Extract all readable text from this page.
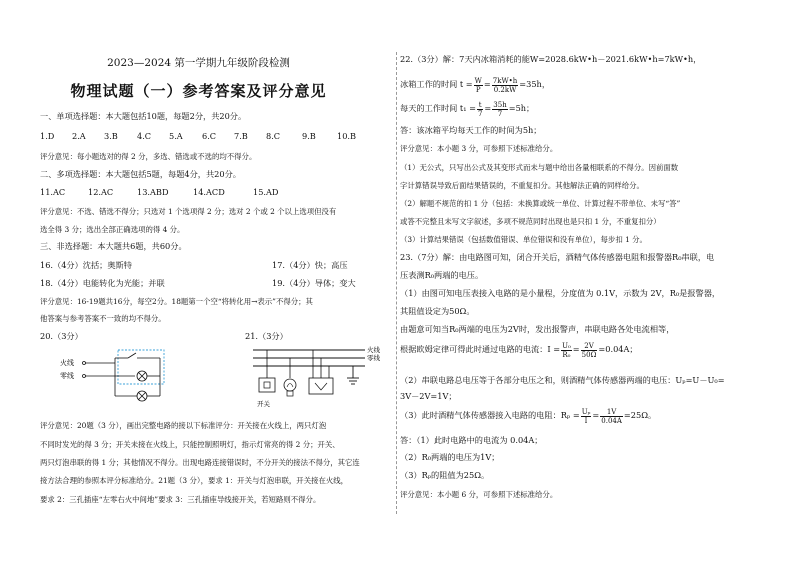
2023—2024 第一学期九年级阶段检测
物理试题（一）参考答案及评分意见
一、单项选择题：本大题包括10题，每题2分，共20分。
1.D 2.A 3.B 4.C 5.A 6.C 7.B 8.C	9.B	10.B
评分意见：每小题选对的得 2 分，多选、错选或不选的均不得分。
二、多项选择题：本大题包括5题，每题4分，共20分。
11.AC	12.AC	13.ABD	14.ACD	15.AD
评分意见：不选、错选不得分；只选对 1 个选项得 2 分；选对 2 个或 2 个以上选项但没有
选全得 3 分；选出全部正确选项的得 4 分。
三、非选择题：本大题共6题，共60分。
16.（4分）沈括；奥斯特	17.（4分）快；高压
18.（4分）电能转化为光能；并联	19.（4分）导体；变大
评分意见：16-19题共16分，每空2分。18题第一个空“将转化用→表示”不得分；其
他答案与参考答案不一致的均不得分。
20.（3分）	21.（3分）
火线
零线
火线
零线
开关
评分意见：20题（3 分），画出完整电路的接以下标准评分：开关接在火线上，两只灯泡
不同时发光的得 3 分；开关未接在火线上，只能控制照明灯，指示灯常亮的得 2 分；开关、
两只灯泡串联的得 1 分；其他情况不得分。出现电路连接错误时，不分开关的接法不得分，其它连
接方法合理的参照本评分标准给分。21题（3 分），要求 1：开关与灯泡串联，开关接在火线，
要求 2：三孔插座“左零右火中间地”要求 3：三孔插座导线接开关，若短路则不得分。
22.（3分）解：7天内冰箱消耗的能W=2028.6kW•h－2021.6kW•h=7kW•h，
冰箱工作的时间 $t = \frac{W}{P} = \frac{7kW•h}{0.2kW} =35h$，
每天的工作时间 $t_1 = \frac{t}{7} = \frac{35h}{7} =5h$；
答：该冰箱平均每天工作的时间为5h；
评分意见：本小题 3 分，可参照下述标准给分。
（1）无公式，只写出公式及其变形式而未与题中给出各量相联系的不得分。因前面数
字计算错误导致后面结果错误的，不重复扣分。其他解法正确的同样给分。
（2）解题不规范的扣 1 分（包括：未换算或统一单位、计算过程不带单位、未写“答”
或答不完整且未写文字叙述，多项不规范同时出现也是只扣 1 分，不重复扣分）
（3）计算结果错误（包括数值错误、单位错误和没有单位），每步扣 1 分。
23.（7分）解：由电路图可知，闭合开关后，酒精气体传感器电阻和报警器R₀串联，电
压表测R₀两端的电压。
（1）由图可知电压表接入电路的是小量程，分度值为 0.1V，示数为 2V，R₀是报警器，
其阻值设定为50Ω。
由题意可知当R₀两端的电压为2V时，发出报警声，串联电路各处电流相等，
根据欧姆定律可得此时通过电路的电流：$I = \frac{\text{U₀}}{\text{R₀}} = \frac{2V}{50\Omega} =0.04A$；
（2）串联电路总电压等于各部分电压之和，则酒精气体传感器两端的电压：Uₚ=U－U₀=
3V－2V=1V；
（3）此时酒精气体传感器接入电路的电阻：$R_p = \frac{\text{Uₚ}}{I} = \frac{1V}{0.04A} =25\Omega$。
答：（1）此时电路中的电流为 0.04A；
（2）R₀两端的电压为1V；
（3）Rₚ的阻值为25Ω。
评分意见：本小题 6 分，可参照下述标准给分。
